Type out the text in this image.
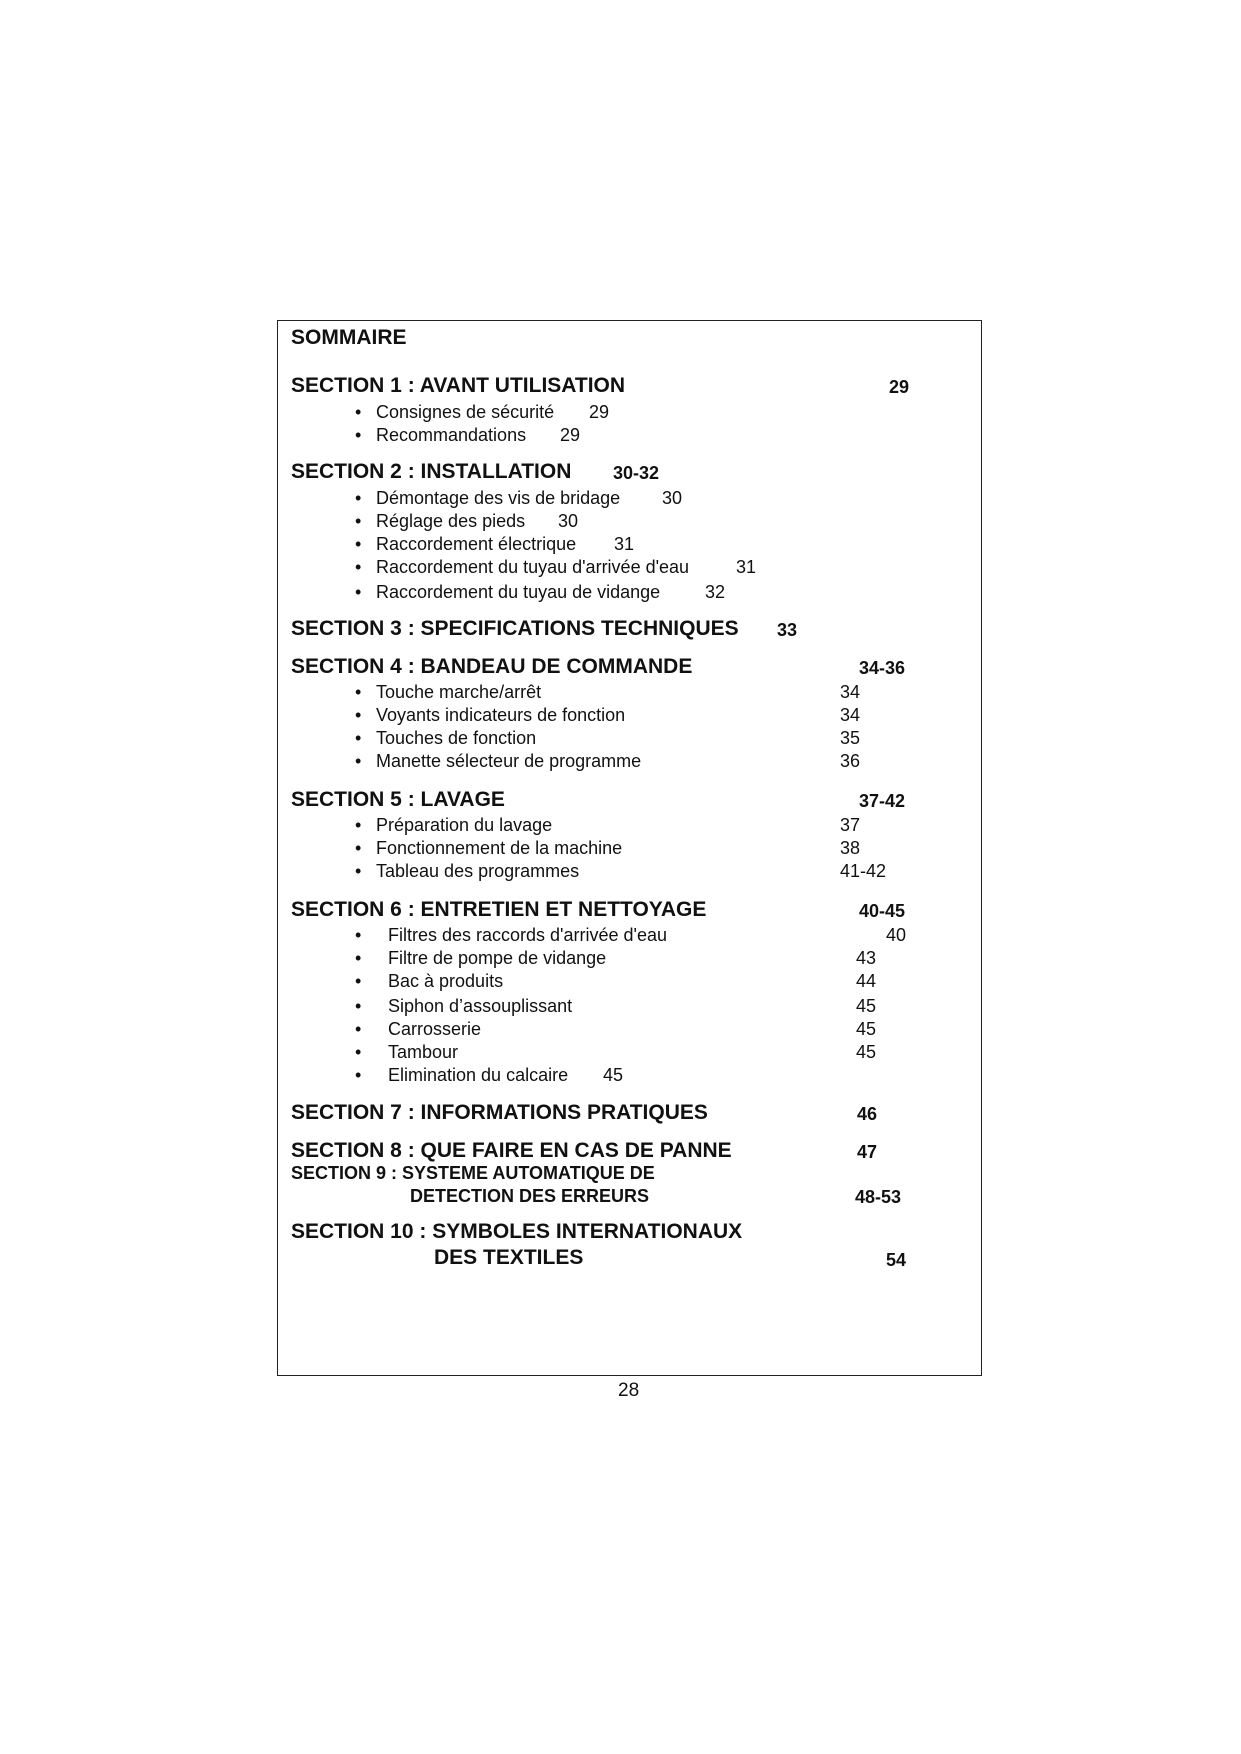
SOMMAIRE
SECTION 1 : AVANT UTILISATION	29
• Consignes de sécurité 29
• Recommandations 29
SECTION 2 : INSTALLATION 30-32
• Démontage des vis de bridage 30
• Réglage des pieds 30
• Raccordement électrique 31
• Raccordement du tuyau d'arrivée d'eau	31
• Raccordement du tuyau de vidange 32
SECTION 3 : SPECIFICATIONS TECHNIQUES 33
SECTION 4 : BANDEAU DE COMMANDE	34-36
• Touche marche/arrêt	34
• Voyants indicateurs de fonction	34
• Touches de fonction	35
• Manette sélecteur de programme	36
SECTION 5 : LAVAGE	37-42
• Préparation du lavage	37
• Fonctionnement de la machine	38
• Tableau des programmes	41-42
SECTION 6 : ENTRETIEN ET NETTOYAGE	40-45
• Filtres des raccords d'arrivée d'eau	40
• Filtre de pompe de vidange	43
• Bac à produits	44
• Siphon d’assouplissant	45
• Carrosserie	45
• Tambour	45
• Elimination du calcaire 45
SECTION 7 : INFORMATIONS PRATIQUES	46
SECTION 8 : QUE FAIRE EN CAS DE PANNE	47
SECTION 9 : SYSTEME AUTOMATIQUE DE
DETECTION DES ERREURS	48-53
SECTION 10 : SYMBOLES INTERNATIONAUX
DES TEXTILES	54
28
